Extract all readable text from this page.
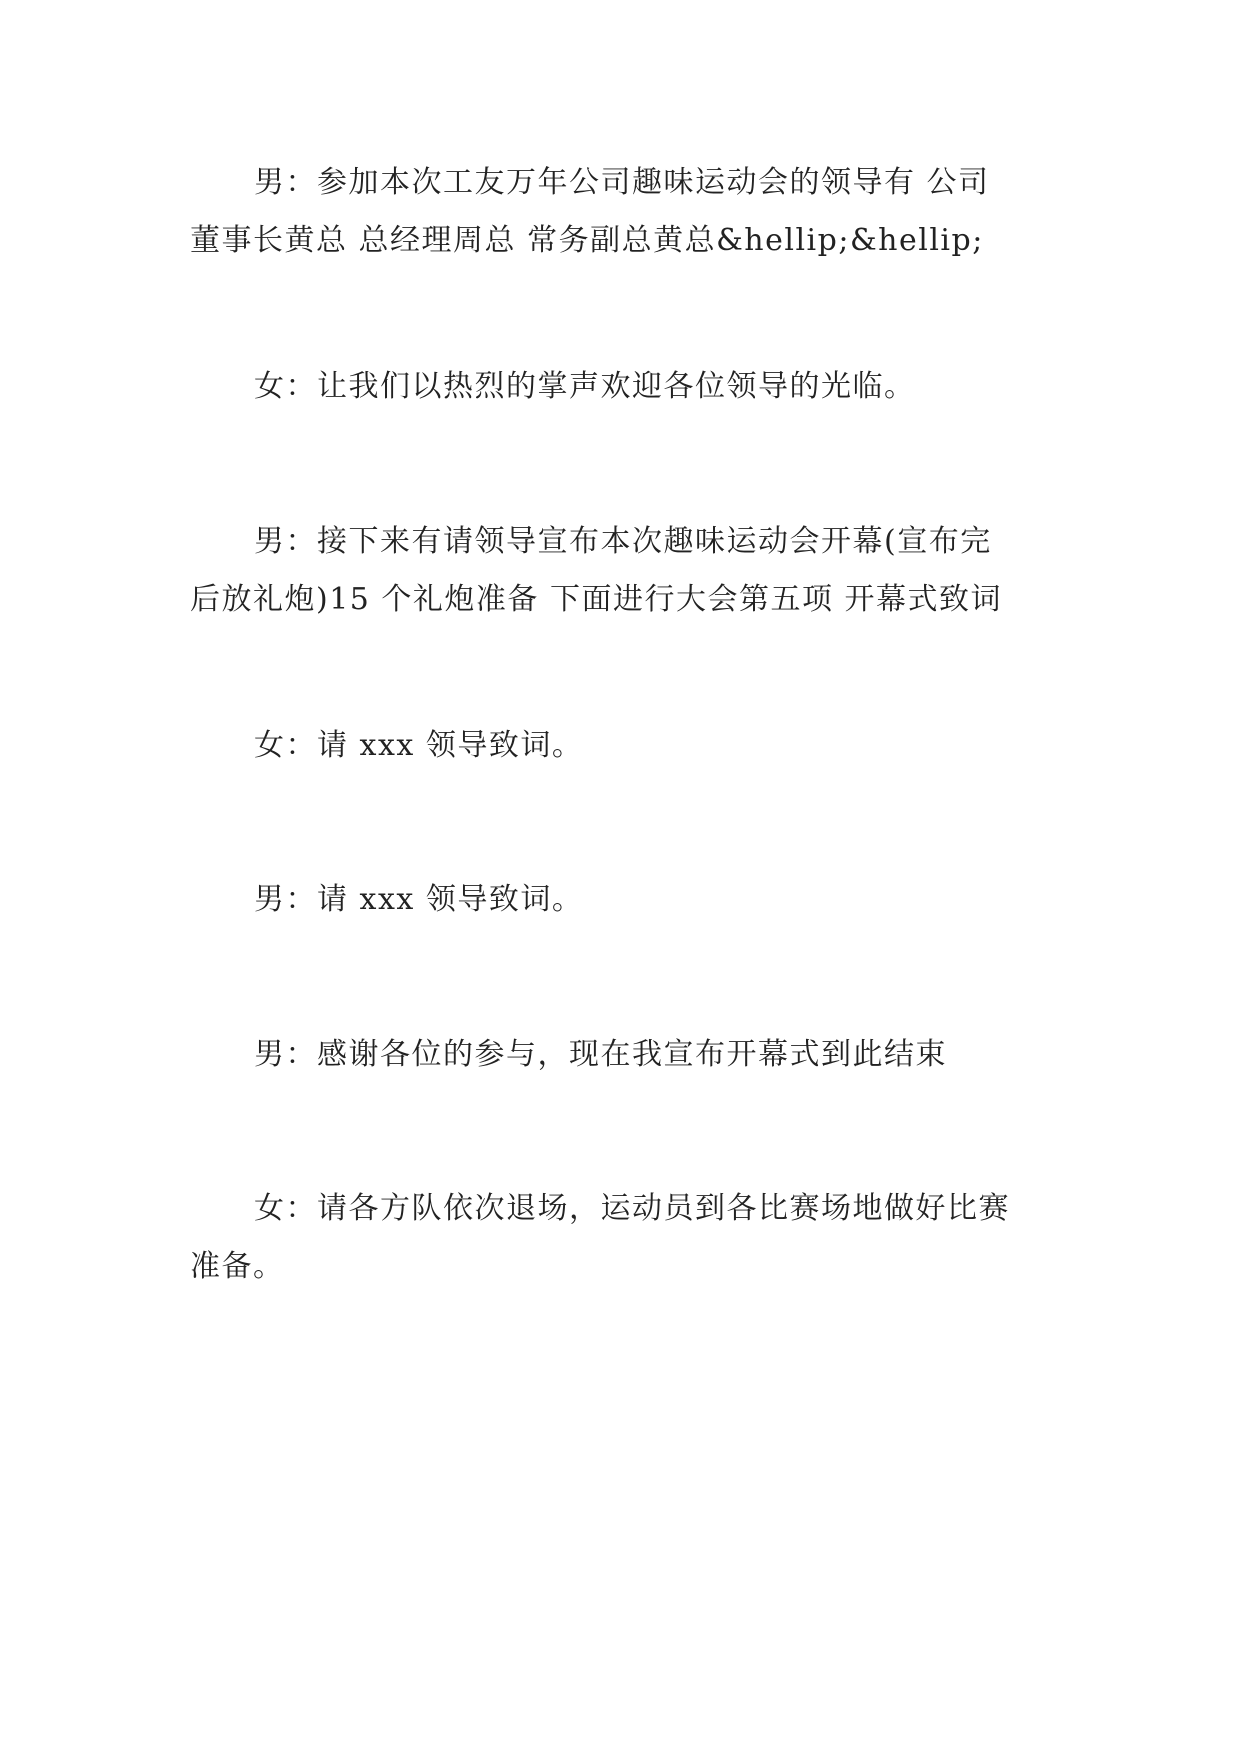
男：参加本次工友万年公司趣味运动会的领导有 公司
董事长黄总 总经理周总 常务副总黄总&hellip;&hellip;

女：让我们以热烈的掌声欢迎各位领导的光临。

男：接下来有请领导宣布本次趣味运动会开幕(宣布完
后放礼炮)15 个礼炮准备 下面进行大会第五项 开幕式致词

女：请 xxx 领导致词。

男：请 xxx 领导致词。

男：感谢各位的参与，现在我宣布开幕式到此结束

女：请各方队依次退场，运动员到各比赛场地做好比赛
准备。
